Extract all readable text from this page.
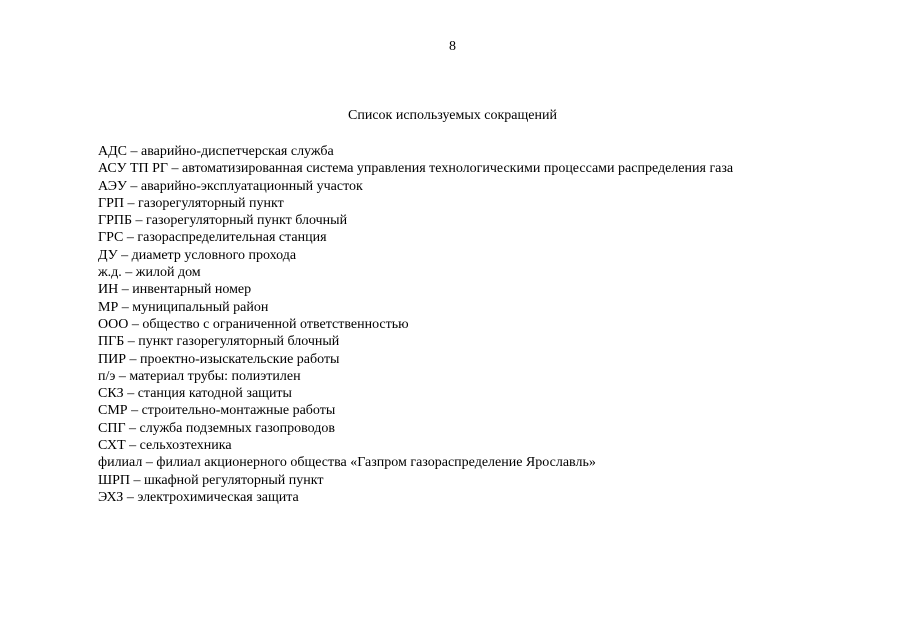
8
Список используемых сокращений
АДС – аварийно-диспетчерская служба
АСУ ТП РГ – автоматизированная система управления технологическими процессами распределения газа
АЭУ – аварийно-эксплуатационный участок
ГРП – газорегуляторный пункт
ГРПБ – газорегуляторный пункт блочный
ГРС – газораспределительная станция
ДУ – диаметр условного прохода
ж.д. – жилой дом
ИН – инвентарный номер
МР – муниципальный район
ООО – общество с ограниченной ответственностью
ПГБ – пункт газорегуляторный блочный
ПИР – проектно-изыскательские работы
п/э – материал трубы: полиэтилен
СКЗ – станция катодной защиты
СМР – строительно-монтажные работы
СПГ – служба подземных газопроводов
СХТ – сельхозтехника
филиал – филиал акционерного общества «Газпром газораспределение Ярославль»
ШРП – шкафной регуляторный пункт
ЭХЗ – электрохимическая защита
